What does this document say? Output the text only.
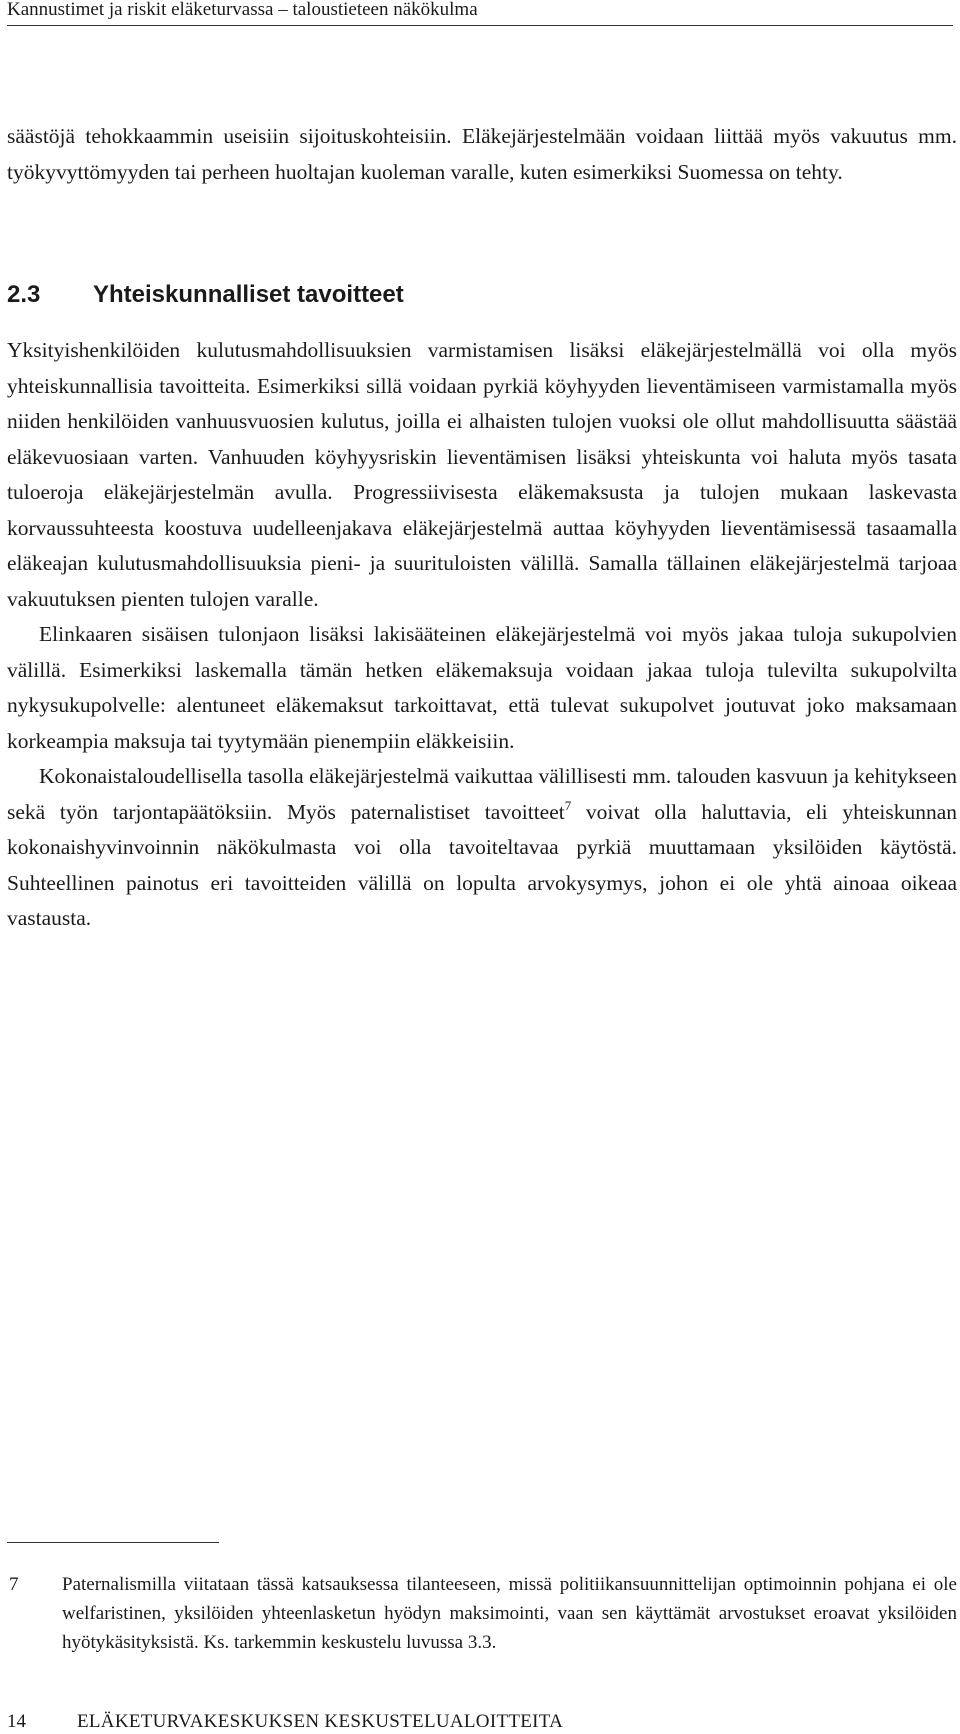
Kannustimet ja riskit eläketurvassa – taloustieteen näkökulma

säästöjä tehokkaammin useisiin sijoituskohteisiin. Eläkejärjestelmään voidaan liittää myös vakuutus mm. työkyvyttömyyden tai perheen huoltajan kuoleman varalle, kuten esimerkiksi Suomessa on tehty.

2.3 Yhteiskunnalliset tavoitteet

Yksityishenkilöiden kulutusmahdollisuuksien varmistamisen lisäksi eläkejärjestelmällä voi olla myös yhteiskunnallisia tavoitteita. Esimerkiksi sillä voidaan pyrkiä köyhyyden lieventämiseen varmistamalla myös niiden henkilöiden vanhuusvuosien kulutus, joilla ei alhaisten tulojen vuoksi ole ollut mahdollisuutta säästää eläkevuosiaan varten. Vanhuuden köyhyysriskin lieventämisen lisäksi yhteiskunta voi haluta myös tasata tuloeroja eläkejärjestelmän avulla. Progressiivisesta eläkemaksusta ja tulojen mukaan laskevasta korvaussuhteesta koostuva uudelleenjakava eläkejärjestelmä auttaa köyhyyden lieventämisessä tasaamalla eläkeajan kulutusmahdollisuuksia pieni- ja suurituloisten välillä. Samalla tällainen eläkejärjestelmä tarjoaa vakuutuksen pienten tulojen varalle.

Elinkaaren sisäisen tulonjaon lisäksi lakisääteinen eläkejärjestelmä voi myös jakaa tuloja sukupolvien välillä. Esimerkiksi laskemalla tämän hetken eläkemaksuja voidaan jakaa tuloja tulevilta sukupolvilta nykysukupolvelle: alentuneet eläkemaksut tarkoittavat, että tulevat sukupolvet joutuvat joko maksamaan korkeampia maksuja tai tyytymään pienempiin eläkkeisiin.

Kokonaistaloudellisella tasolla eläkejärjestelmä vaikuttaa välillisesti mm. talouden kasvuun ja kehitykseen sekä työn tarjontapäätöksiin. Myös paternalistiset tavoitteet$^7$ voivat olla haluttavia, eli yhteiskunnan kokonaishyvinvoinnin näkökulmasta voi olla tavoiteltavaa pyrkiä muuttamaan yksilöiden käytöstä. Suhteellinen painotus eri tavoitteiden välillä on lopulta arvokysymys, johon ei ole yhtä ainoaa oikeaa vastausta.

7 Paternalismilla viitataan tässä katsauksessa tilanteeseen, missä politiikansuunnittelijan optimoinnin pohjana ei ole welfaristinen, yksilöiden yhteenlasketun hyödyn maksimointi, vaan sen käyttämät arvostukset eroavat yksilöiden hyötykäsityksistä. Ks. tarkemmin keskustelu luvussa 3.3.
14	ELÄKETURVAKESKUKSEN KESKUSTELUALOITTEITA
